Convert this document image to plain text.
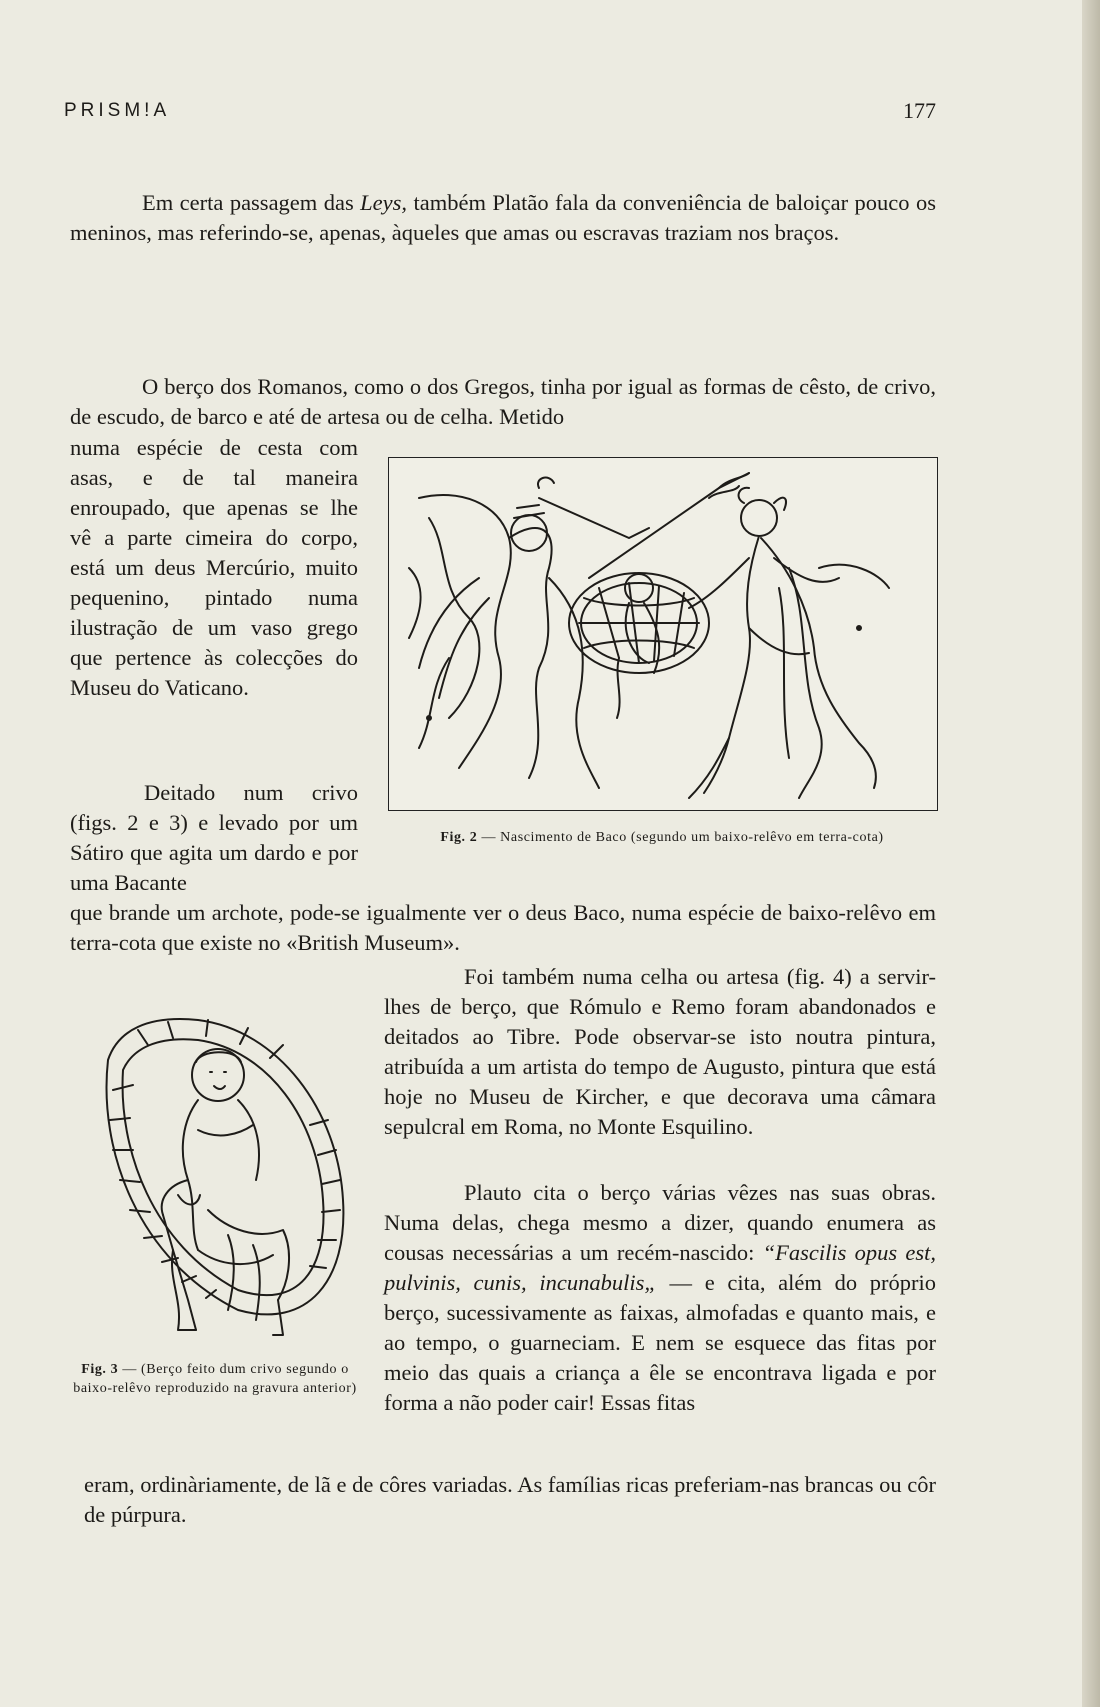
PRISM!A	177

Em certa passagem das Leys, também Platão fala da conveniência de baloiçar pouco os meninos, mas referindo-se, apenas, àqueles que amas ou escravas traziam nos braços.

O berço dos Romanos, como o dos Gregos, tinha por igual as formas de cêsto, de crivo, de escudo, de barco e até de artesa ou de celha. Metido

numa espécie de cesta com asas, e de tal maneira enroupado, que apenas se lhe vê a parte cimeira do corpo, está um deus Mercúrio, muito pequenino, pintado numa ilustração de um vaso grego que pertence às colecções do Museu do Vaticano.

Fig. 2 — Nascimento de Baco (segundo um baixo-relêvo em terra-cota)

Deitado num crivo (figs. 2 e 3) e levado por um Sátiro que agita um dardo e por uma Bacante

que brande um archote, pode-se igualmente ver o deus Baco, numa espécie de baixo-relêvo em terra-cota que existe no «British Museum».

Foi também numa celha ou artesa (fig. 4) a servir-lhes de berço, que Rómulo e Remo foram abandonados e deitados ao Tibre. Pode observar-se isto noutra pintura, atribuída a um artista do tempo de Augusto, pintura que está hoje no Museu de Kircher, e que decorava uma câmara sepulcral em Roma, no Monte Esquilino.

Fig. 3 — (Berço feito dum crivo segundo o baixo-relêvo reproduzido na gravura anterior)

Plauto cita o berço várias vêzes nas suas obras. Numa delas, chega mesmo a dizer, quando enumera as cousas necessárias a um recém-nascido: “Fascilis opus est, pulvinis, cunis, incunabulis„ — e cita, além do próprio berço, sucessivamente as faixas, almofadas e quanto mais, e ao tempo, o guarneciam. E nem se esquece das fitas por meio das quais a criança a êle se encontrava ligada e por forma a não poder cair! Essas fitas

eram, ordinàriamente, de lã e de côres variadas. As famílias ricas preferiam-nas brancas ou côr de púrpura.
